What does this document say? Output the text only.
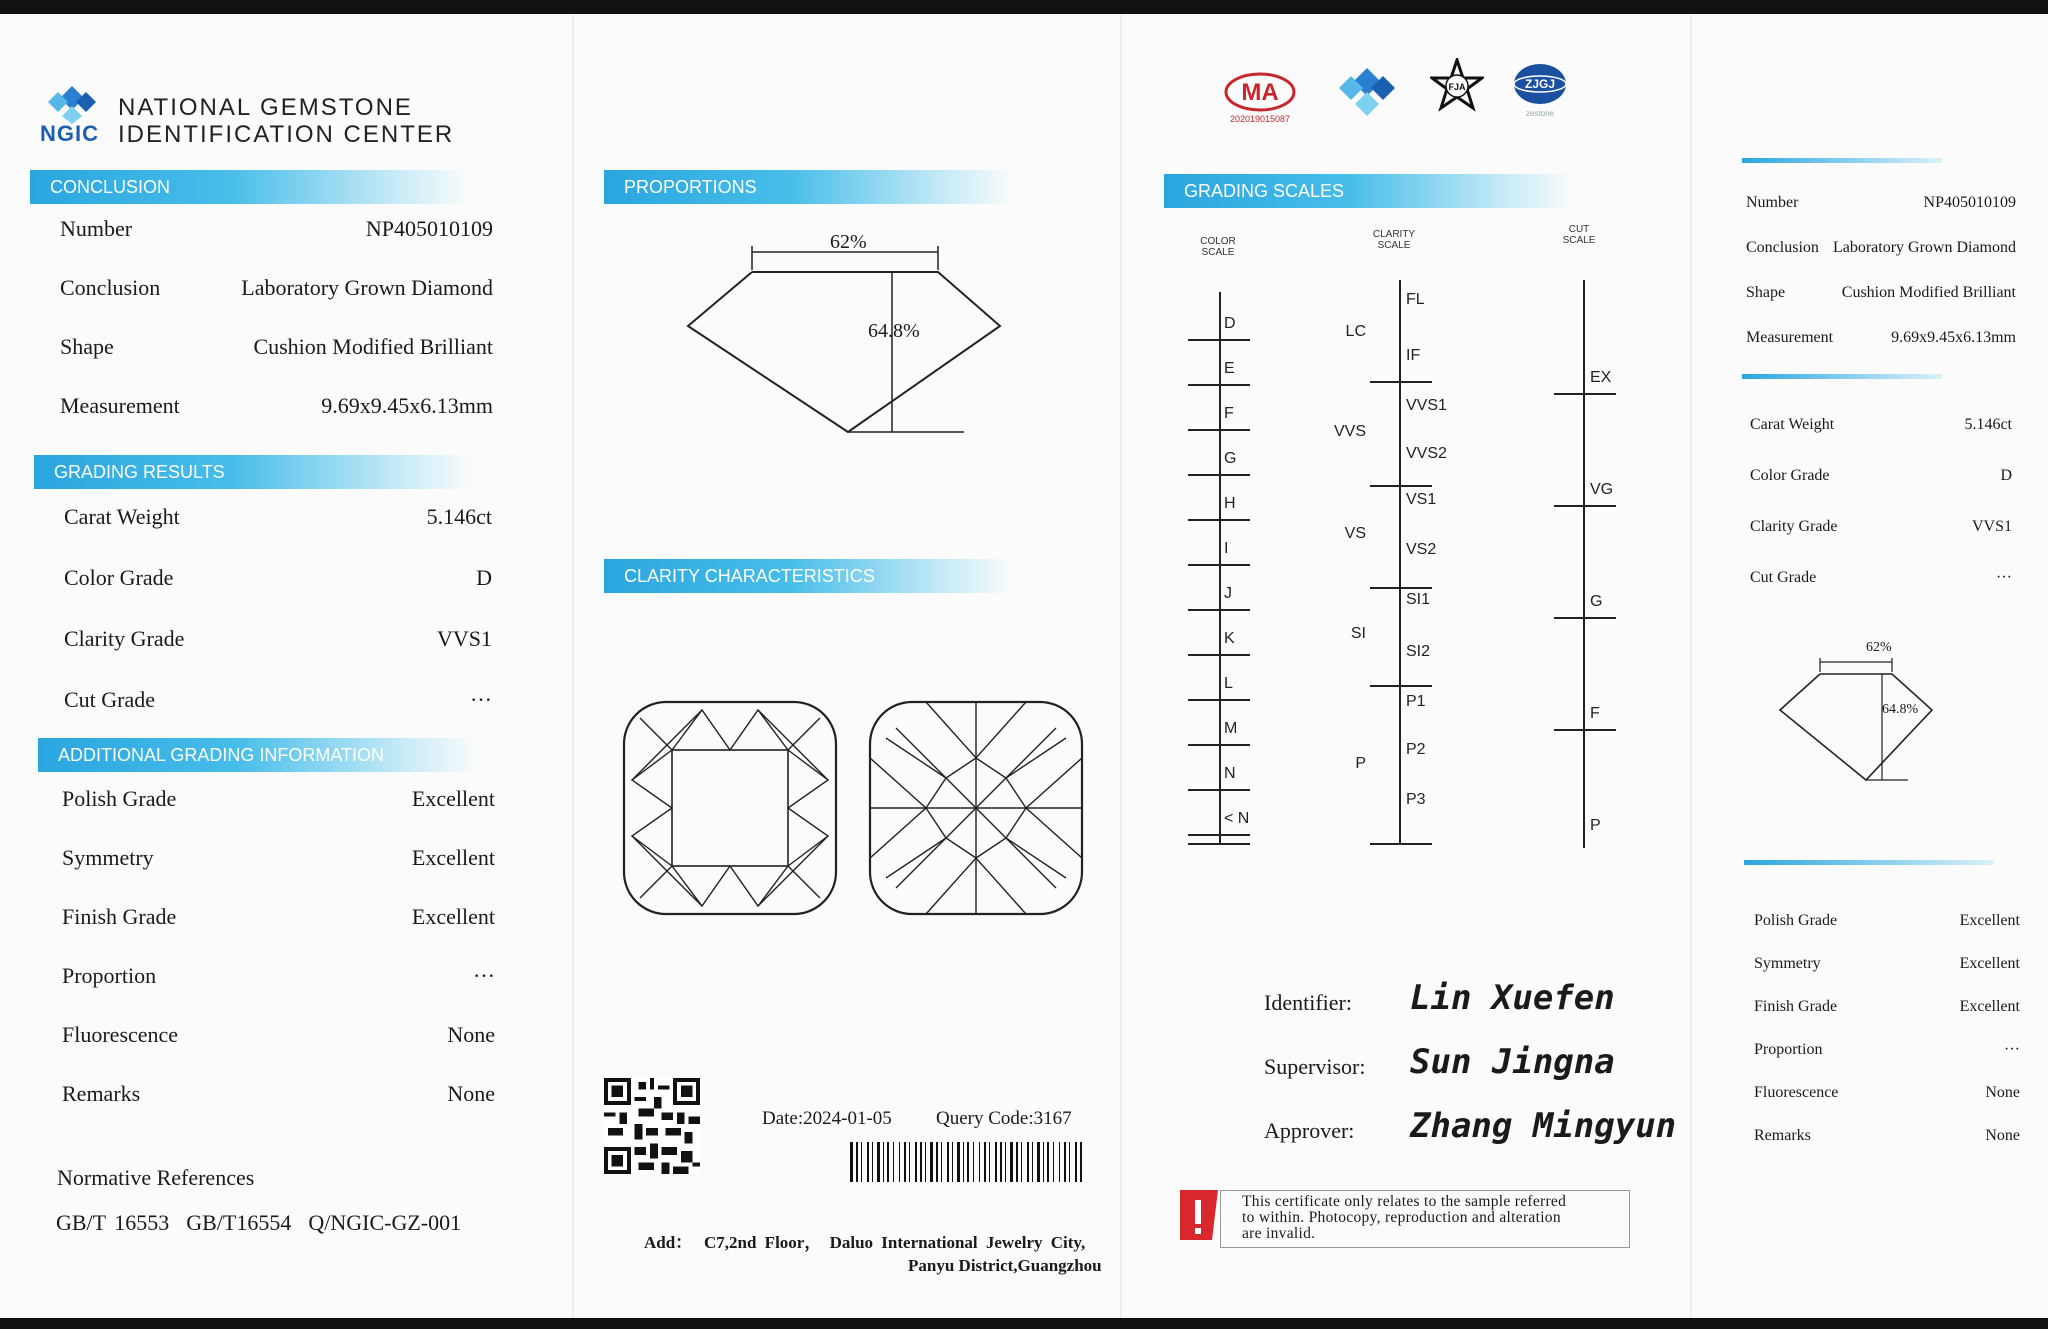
NGIC
NATIONAL GEMSTONE
IDENTIFICATION CENTER
CONCLUSION
Number	NP405010109
Conclusion	Laboratory Grown Diamond
Shape	Cushion Modified Brilliant
Measurement	9.69x9.45x6.13mm
GRADING RESULTS
Carat Weight	5.146ct
Color Grade	D
Clarity Grade	VVS1
Cut Grade	···
ADDITIONAL GRADING INFORMATION
Polish Grade	Excellent
Symmetry	Excellent
Finish Grade	Excellent
Proportion	···
Fluorescence	None
Remarks	None
Normative References
GB/T 16553 GB/T16554 Q/NGIC-GZ-001
PROPORTIONS
62%
64.8%
CLARITY CHARACTERISTICS
Date:2024-01-05 Query Code:3167
Add： C7,2nd Floor， Daluo International Jewelry City,
Panyu District,Guangzhou
MA
202019015087
FJA	ZJGJ
zestone
GRADING SCALES
COLOR
SCALE
CLARITY
SCALE
CUT
SCALE
D
E
F
G
H
I
J
K
L
M
N
< N
FL
IF
VVS1
VVS2
VS1
VS2
SI1
SI2
P1
P2
P3
LC
VVS
VS
SI
P
EX
VG
G
F
P
Identifier: Lin Xuefen
Supervisor: Sun Jingna
Approver: Zhang Mingyun
This certificate only relates to the sample referred
to within. Photocopy, reproduction and alteration
are invalid.
Number	NP405010109
Conclusion Laboratory Grown Diamond
Shape	Cushion Modified Brilliant
Measurement	9.69x9.45x6.13mm
Carat Weight	5.146ct
Color Grade	D
Clarity Grade	VVS1
Cut Grade	···
62%
64.8%
Polish Grade	Excellent
Symmetry	Excellent
Finish Grade	Excellent
Proportion	···
Fluorescence	None
Remarks	None
